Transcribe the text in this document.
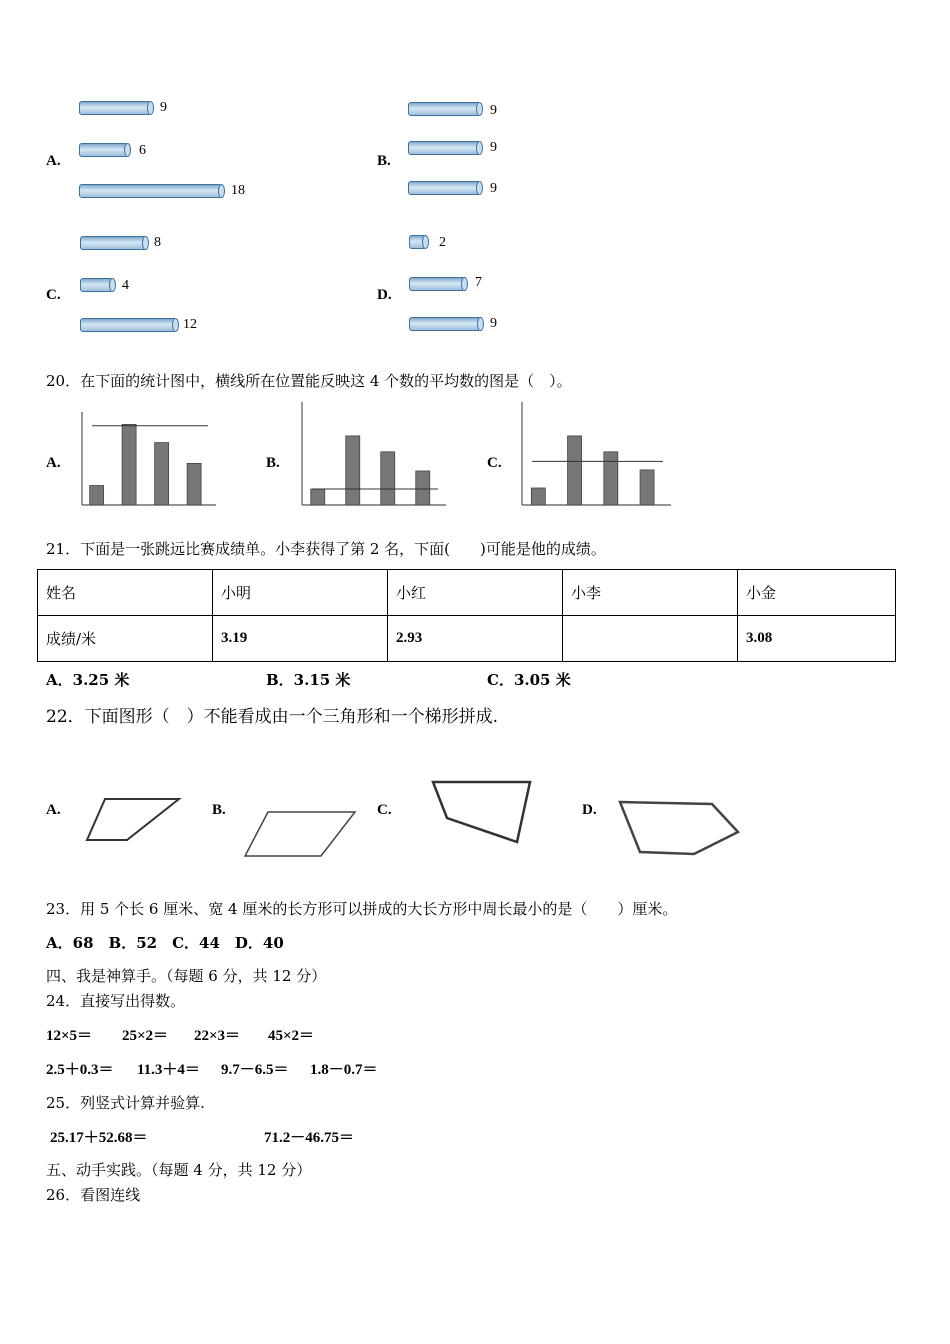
A.
9
6
18
B.
9
9
9
C.
8
4
12
D.
2
7
9
20．在下面的统计图中，横线所在位置能反映这 4 个数的平均数的图是（　）。
A.	B.	C.
21．下面是一张跳远比赛成绩单。小李获得了第 2 名，下面(　　)可能是他的成绩。
姓名	小明	小红	小李	小金
成绩/米	3.19	2.93		3.08
A．3.25 米	B．3.15 米	C．3.05 米
22．下面图形（　）不能看成由一个三角形和一个梯形拼成.
A.	B.	C.	D.
23．用 5 个长 6 厘米、宽 4 厘米的长方形可以拼成的大长方形中周长最小的是（　　）厘米。
A．68　B．52　C．44　D．40
四、我是神算手。（每题 6 分，共 12 分）
24．直接写出得数。
12×5＝ 25×2＝ 22×3＝ 45×2＝
2.5＋0.3＝ 11.3＋4＝ 9.7－6.5＝ 1.8－0.7＝
25．列竖式计算并验算.
25.17＋52.68＝	71.2－46.75＝
五、动手实践。（每题 4 分，共 12 分）
26．看图连线
